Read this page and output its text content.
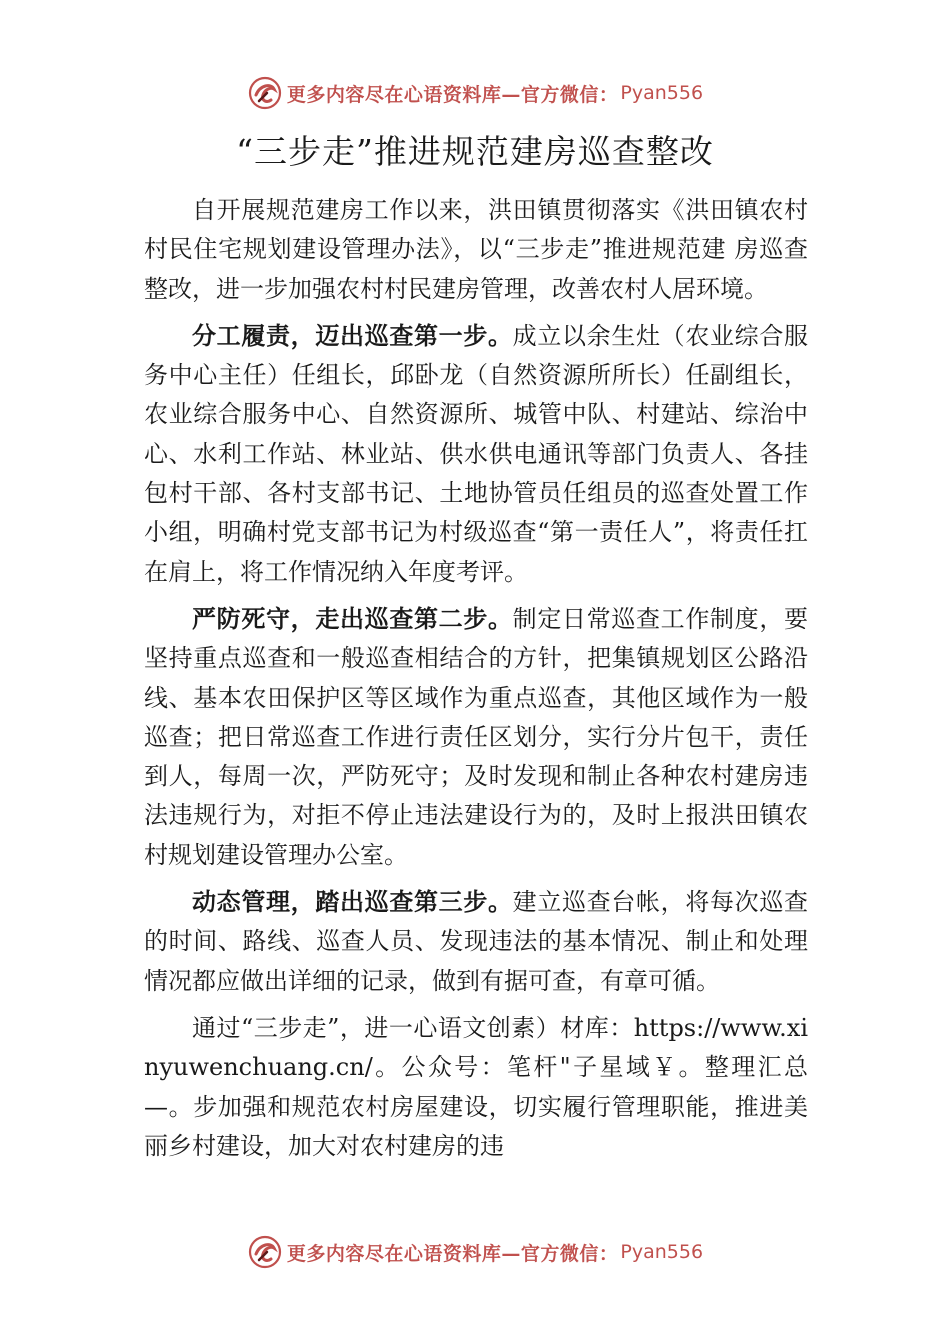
更多内容尽在心语资料库—官方微信： Pyan556
“三步走”推进规范建房巡查整改

自开展规范建房工作以来，洪田镇贯彻落实《洪田镇农村村民住宅规划建设管理办法》，以“三步走”推进规范建 房巡查整改，进一步加强农村村民建房管理，改善农村人居环境。

分工履责，迈出巡查第一步。成立以余生灶（农业综合服务中心主任）任组长，邱卧龙（自然资源所所长）任副组长，农业综合服务中心、自然资源所、城管中队、村建站、综治中心、水利工作站、林业站、供水供电通讯等部门负责人、各挂包村干部、各村支部书记、土地协管员任组员的巡查处置工作小组，明确村党支部书记为村级巡查“第一责任人”，将责任扛在肩上，将工作情况纳入年度考评。

严防死守，走出巡查第二步。制定日常巡查工作制度，要坚持重点巡查和一般巡查相结合的方针，把集镇规划区公路沿线、基本农田保护区等区域作为重点巡查，其他区域作为一般巡查；把日常巡查工作进行责任区划分，实行分片包干，责任到人，每周一次，严防死守；及时发现和制止各种农村建房违法违规行为，对拒不停止违法建设行为的，及时上报洪田镇农村规划建设管理办公室。

动态管理，踏出巡查第三步。建立巡查台帐，将每次巡查的时间、路线、巡查人员、发现违法的基本情况、制止和处理情况都应做出详细的记录，做到有据可查，有章可循。

通过“三步走”，进一心语文创素）材库：https://www.xinyuwenchuang.cn/。公众号：笔杆"子星域￥。整理汇总—。步加强和规范农村房屋建设，切实履行管理职能，推进美丽乡村建设，加大对农村建房的违

更多内容尽在心语资料库—官方微信： Pyan556
